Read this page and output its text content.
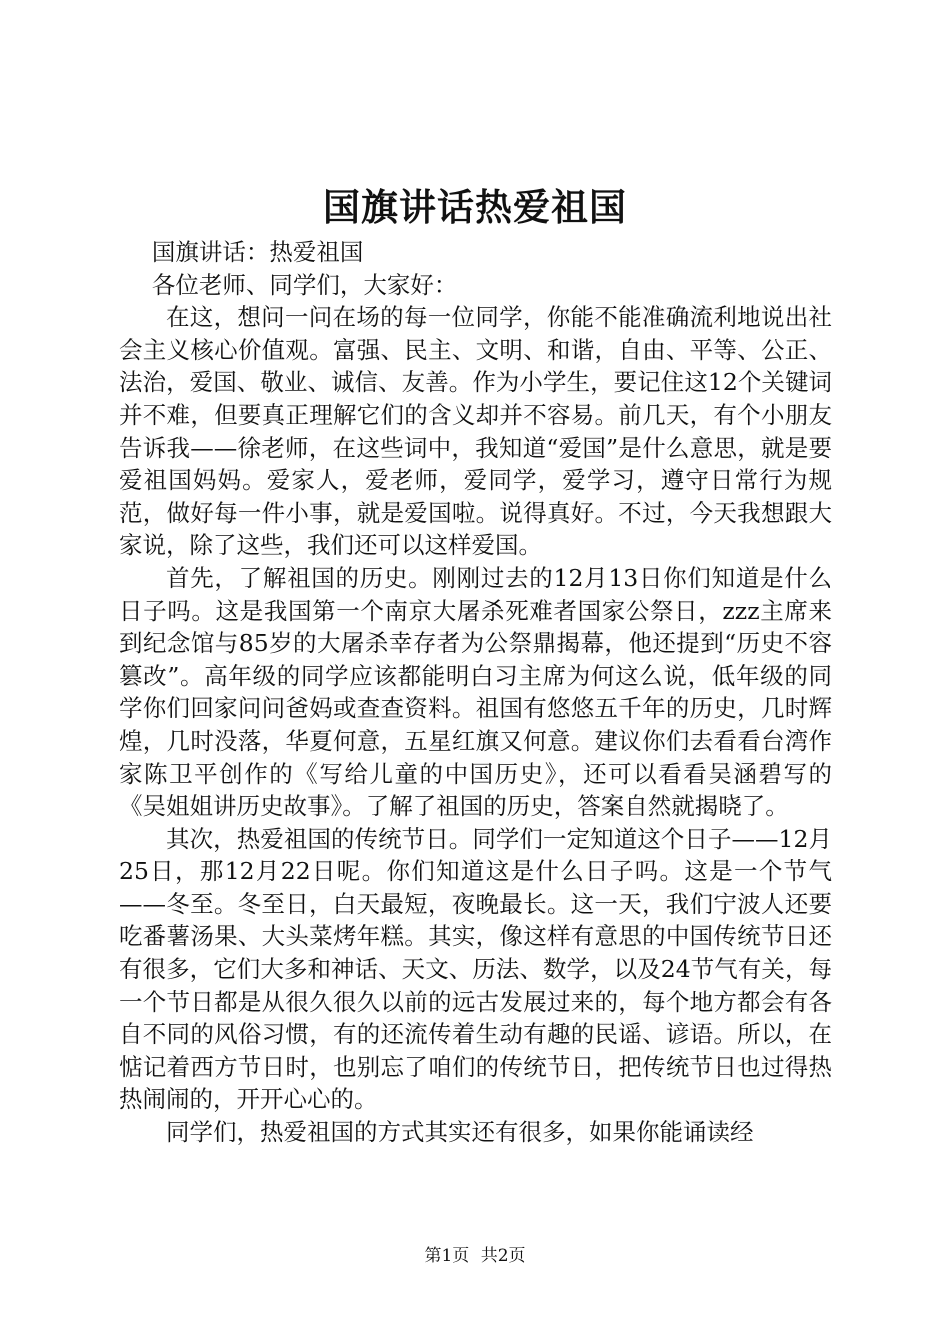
国旗讲话热爱祖国

国旗讲话：热爱祖国

各位老师、同学们，大家好：

在这，想问一问在场的每一位同学，你能不能准确流利地说出社会主义核心价值观。富强、民主、文明、和谐，自由、平等、公正、法治，爱国、敬业、诚信、友善。作为小学生，要记住这12个关键词并不难，但要真正理解它们的含义却并不容易。前几天，有个小朋友告诉我——徐老师，在这些词中，我知道“爱国”是什么意思，就是要爱祖国妈妈。爱家人，爱老师，爱同学，爱学习，遵守日常行为规范，做好每一件小事，就是爱国啦。说得真好。不过，今天我想跟大家说，除了这些，我们还可以这样爱国。

首先，了解祖国的历史。刚刚过去的12月13日你们知道是什么日子吗。这是我国第一个南京大屠杀死难者国家公祭日，zzz主席来到纪念馆与85岁的大屠杀幸存者为公祭鼎揭幕，他还提到“历史不容篡改”。高年级的同学应该都能明白习主席为何这么说，低年级的同学你们回家问问爸妈或查查资料。祖国有悠悠五千年的历史，几时辉煌，几时没落，华夏何意，五星红旗又何意。建议你们去看看台湾作家陈卫平创作的《写给儿童的中国历史》，还可以看看吴涵碧写的《吴姐姐讲历史故事》。了解了祖国的历史，答案自然就揭晓了。

其次，热爱祖国的传统节日。同学们一定知道这个日子——12月25日，那12月22日呢。你们知道这是什么日子吗。这是一个节气——冬至。冬至日，白天最短，夜晚最长。这一天，我们宁波人还要吃番薯汤果、大头菜烤年糕。其实，像这样有意思的中国传统节日还有很多，它们大多和神话、天文、历法、数学，以及24节气有关，每一个节日都是从很久很久以前的远古发展过来的，每个地方都会有各自不同的风俗习惯，有的还流传着生动有趣的民谣、谚语。所以，在惦记着西方节日时，也别忘了咱们的传统节日，把传统节日也过得热热闹闹的，开开心心的。

同学们，热爱祖国的方式其实还有很多，如果你能诵读经

第1页 共2页
